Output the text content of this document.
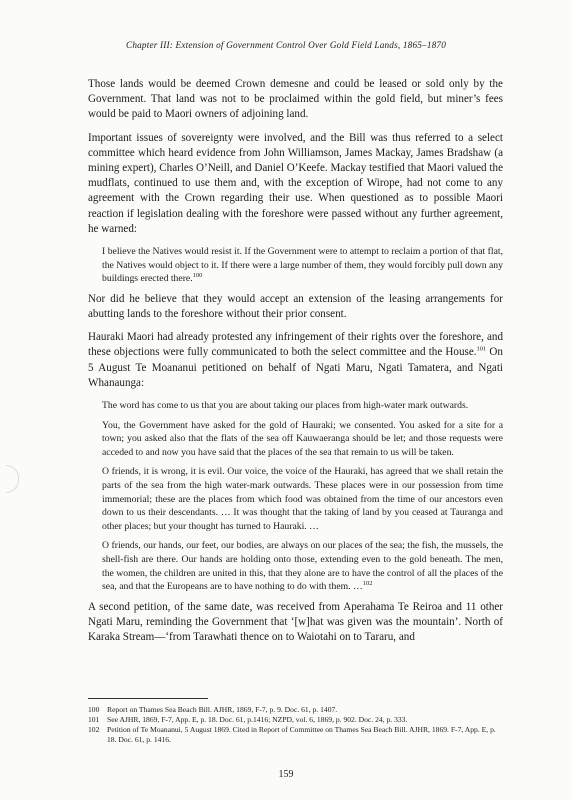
Chapter III: Extension of Government Control Over Gold Field Lands, 1865–1870

Those lands would be deemed Crown demesne and could be leased or sold only by the Government. That land was not to be proclaimed within the gold field, but miner’s fees would be paid to Maori owners of adjoining land.

Important issues of sovereignty were involved, and the Bill was thus referred to a select committee which heard evidence from John Williamson, James Mackay, James Bradshaw (a mining expert), Charles O’Neill, and Daniel O’Keefe. Mackay testified that Maori valued the mudflats, continued to use them and, with the exception of Wirope, had not come to any agreement with the Crown regarding their use. When questioned as to possible Maori reaction if legislation dealing with the foreshore were passed without any further agreement, he warned:

I believe the Natives would resist it. If the Government were to attempt to reclaim a portion of that flat, the Natives would object to it. If there were a large number of them, they would forcibly pull down any buildings erected there.$^{100}$

Nor did he believe that they would accept an extension of the leasing arrangements for abutting lands to the foreshore without their prior consent.

Hauraki Maori had already protested any infringement of their rights over the foreshore, and these objections were fully communicated to both the select committee and the House.$^{101}$ On 5 August Te Moananui petitioned on behalf of Ngati Maru, Ngati Tamatera, and Ngati Whanaunga:

The word has come to us that you are about taking our places from high-water mark outwards.

You, the Government have asked for the gold of Hauraki; we consented. You asked for a site for a town; you asked also that the flats of the sea off Kauwaeranga should be let; and those requests were acceded to and now you have said that the places of the sea that remain to us will be taken.

O friends, it is wrong, it is evil. Our voice, the voice of the Hauraki, has agreed that we shall retain the parts of the sea from the high water-mark outwards. These places were in our possession from time immemorial; these are the places from which food was obtained from the time of our ancestors even down to us their descendants. … It was thought that the taking of land by you ceased at Tauranga and other places; but your thought has turned to Hauraki. …

O friends, our hands, our feet, our bodies, are always on our places of the sea; the fish, the mussels, the shell-fish are there. Our hands are holding onto those, extending even to the gold beneath. The men, the women, the children are united in this, that they alone are to have the control of all the places of the sea, and that the Europeans are to have nothing to do with them. …$^{102}$

A second petition, of the same date, was received from Aperahama Te Reiroa and 11 other Ngati Maru, reminding the Government that ‘[w]hat was given was the mountain’. North of Karaka Stream—‘from Tarawhati thence on to Waiotahi on to Tararu, and

100 Report on Thames Sea Beach Bill. AJHR, 1869, F-7, p. 9. Doc. 61, p. 1407.
101 See AJHR, 1869, F-7, App. E, p. 18. Doc. 61, p.1416; NZPD, vol. 6, 1869, p. 902. Doc. 24, p. 333.
102 Petition of Te Moananui, 5 August 1869. Cited in Report of Committee on Thames Sea Beach Bill. AJHR, 1869. F-7, App. E, p. 18. Doc. 61, p. 1416.
159
